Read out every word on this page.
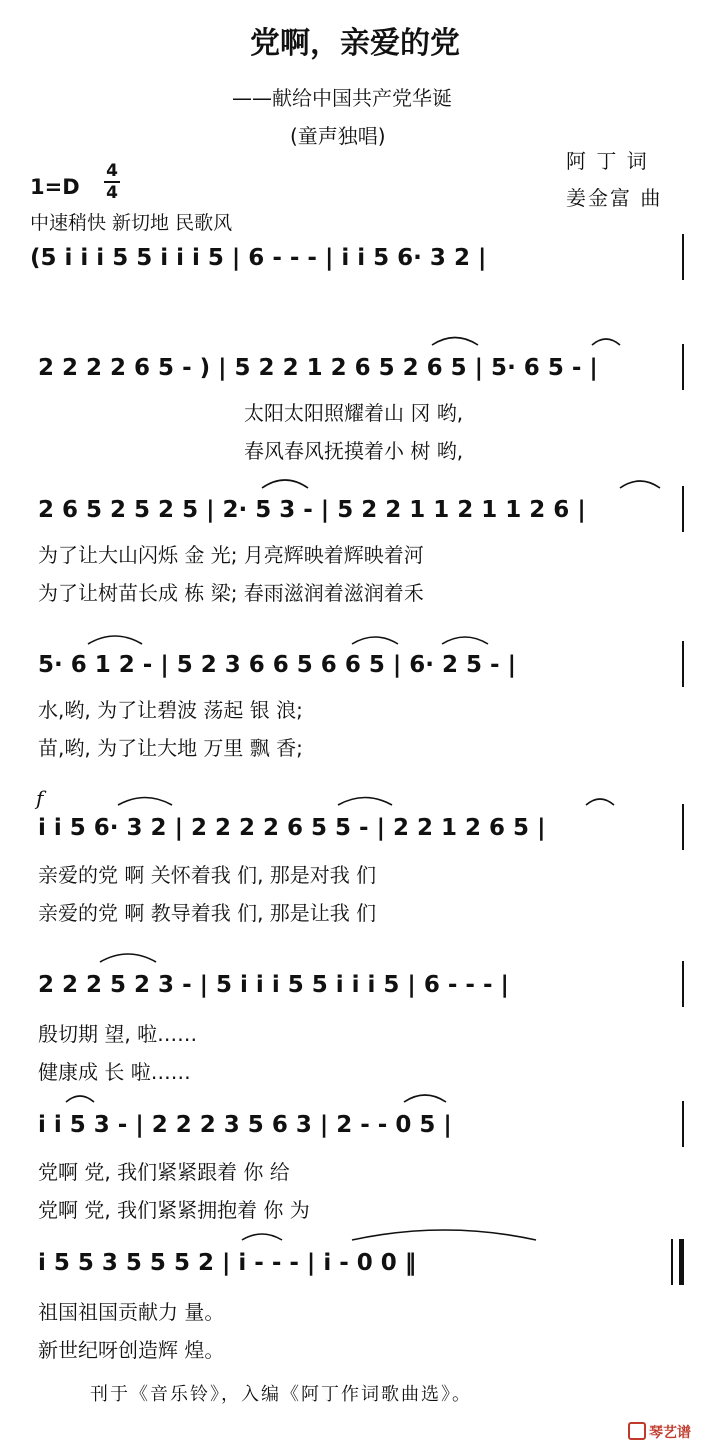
党啊，亲爱的党
——献给中国共产党华诞
(童声独唱)
阿 丁 词
姜金富 曲
1=D
4
4
中速稍快 新切地 民歌风
f
(5 i i i 5 5 i i i 5 | 6 - - - | i i 5 6· 3 2 |
2 2 2 2 6 5 - ) | 5 2 2 1 2 6 5 2 6 5 | 5· 6 5 - |
太阳太阳照耀着山 冈 哟,
春风春风抚摸着小 树 哟,
2 6 5 2 5 2 5 | 2· 5 3 - | 5 2 2 1 1 2 1 1 2 6 |
为了让大山闪烁 金 光; 月亮辉映着辉映着河
为了让树苗长成 栋 梁; 春雨滋润着滋润着禾
5· 6 1 2 - | 5 2 3 6 6 5 6 6 5 | 6· 2 5 - |
水,哟, 为了让碧波 荡起 银 浪;
苗,哟, 为了让大地 万里 飘 香;
i i 5 6· 3 2 | 2 2 2 2 6 5 5 - | 2 2 1 2 6 5 |
亲爱的党 啊 关怀着我 们, 那是对我 们
亲爱的党 啊 教导着我 们, 那是让我 们
2 2 2 5 2 3 - | 5 i i i 5 5 i i i 5 | 6 - - - |
殷切期 望, 啦……
健康成 长 啦……
i i 5 3 - | 2 2 2 3 5 6 3 | 2 - - 0 5 |
党啊 党, 我们紧紧跟着 你 给
党啊 党, 我们紧紧拥抱着 你 为
i 5 5 3 5 5 5 2 | i - - - | i - 0 0 ‖
祖国祖国贡献力 量。
新世纪呀创造辉 煌。
刊于《音乐铃》，入编《阿丁作词歌曲选》。
琴艺谱
